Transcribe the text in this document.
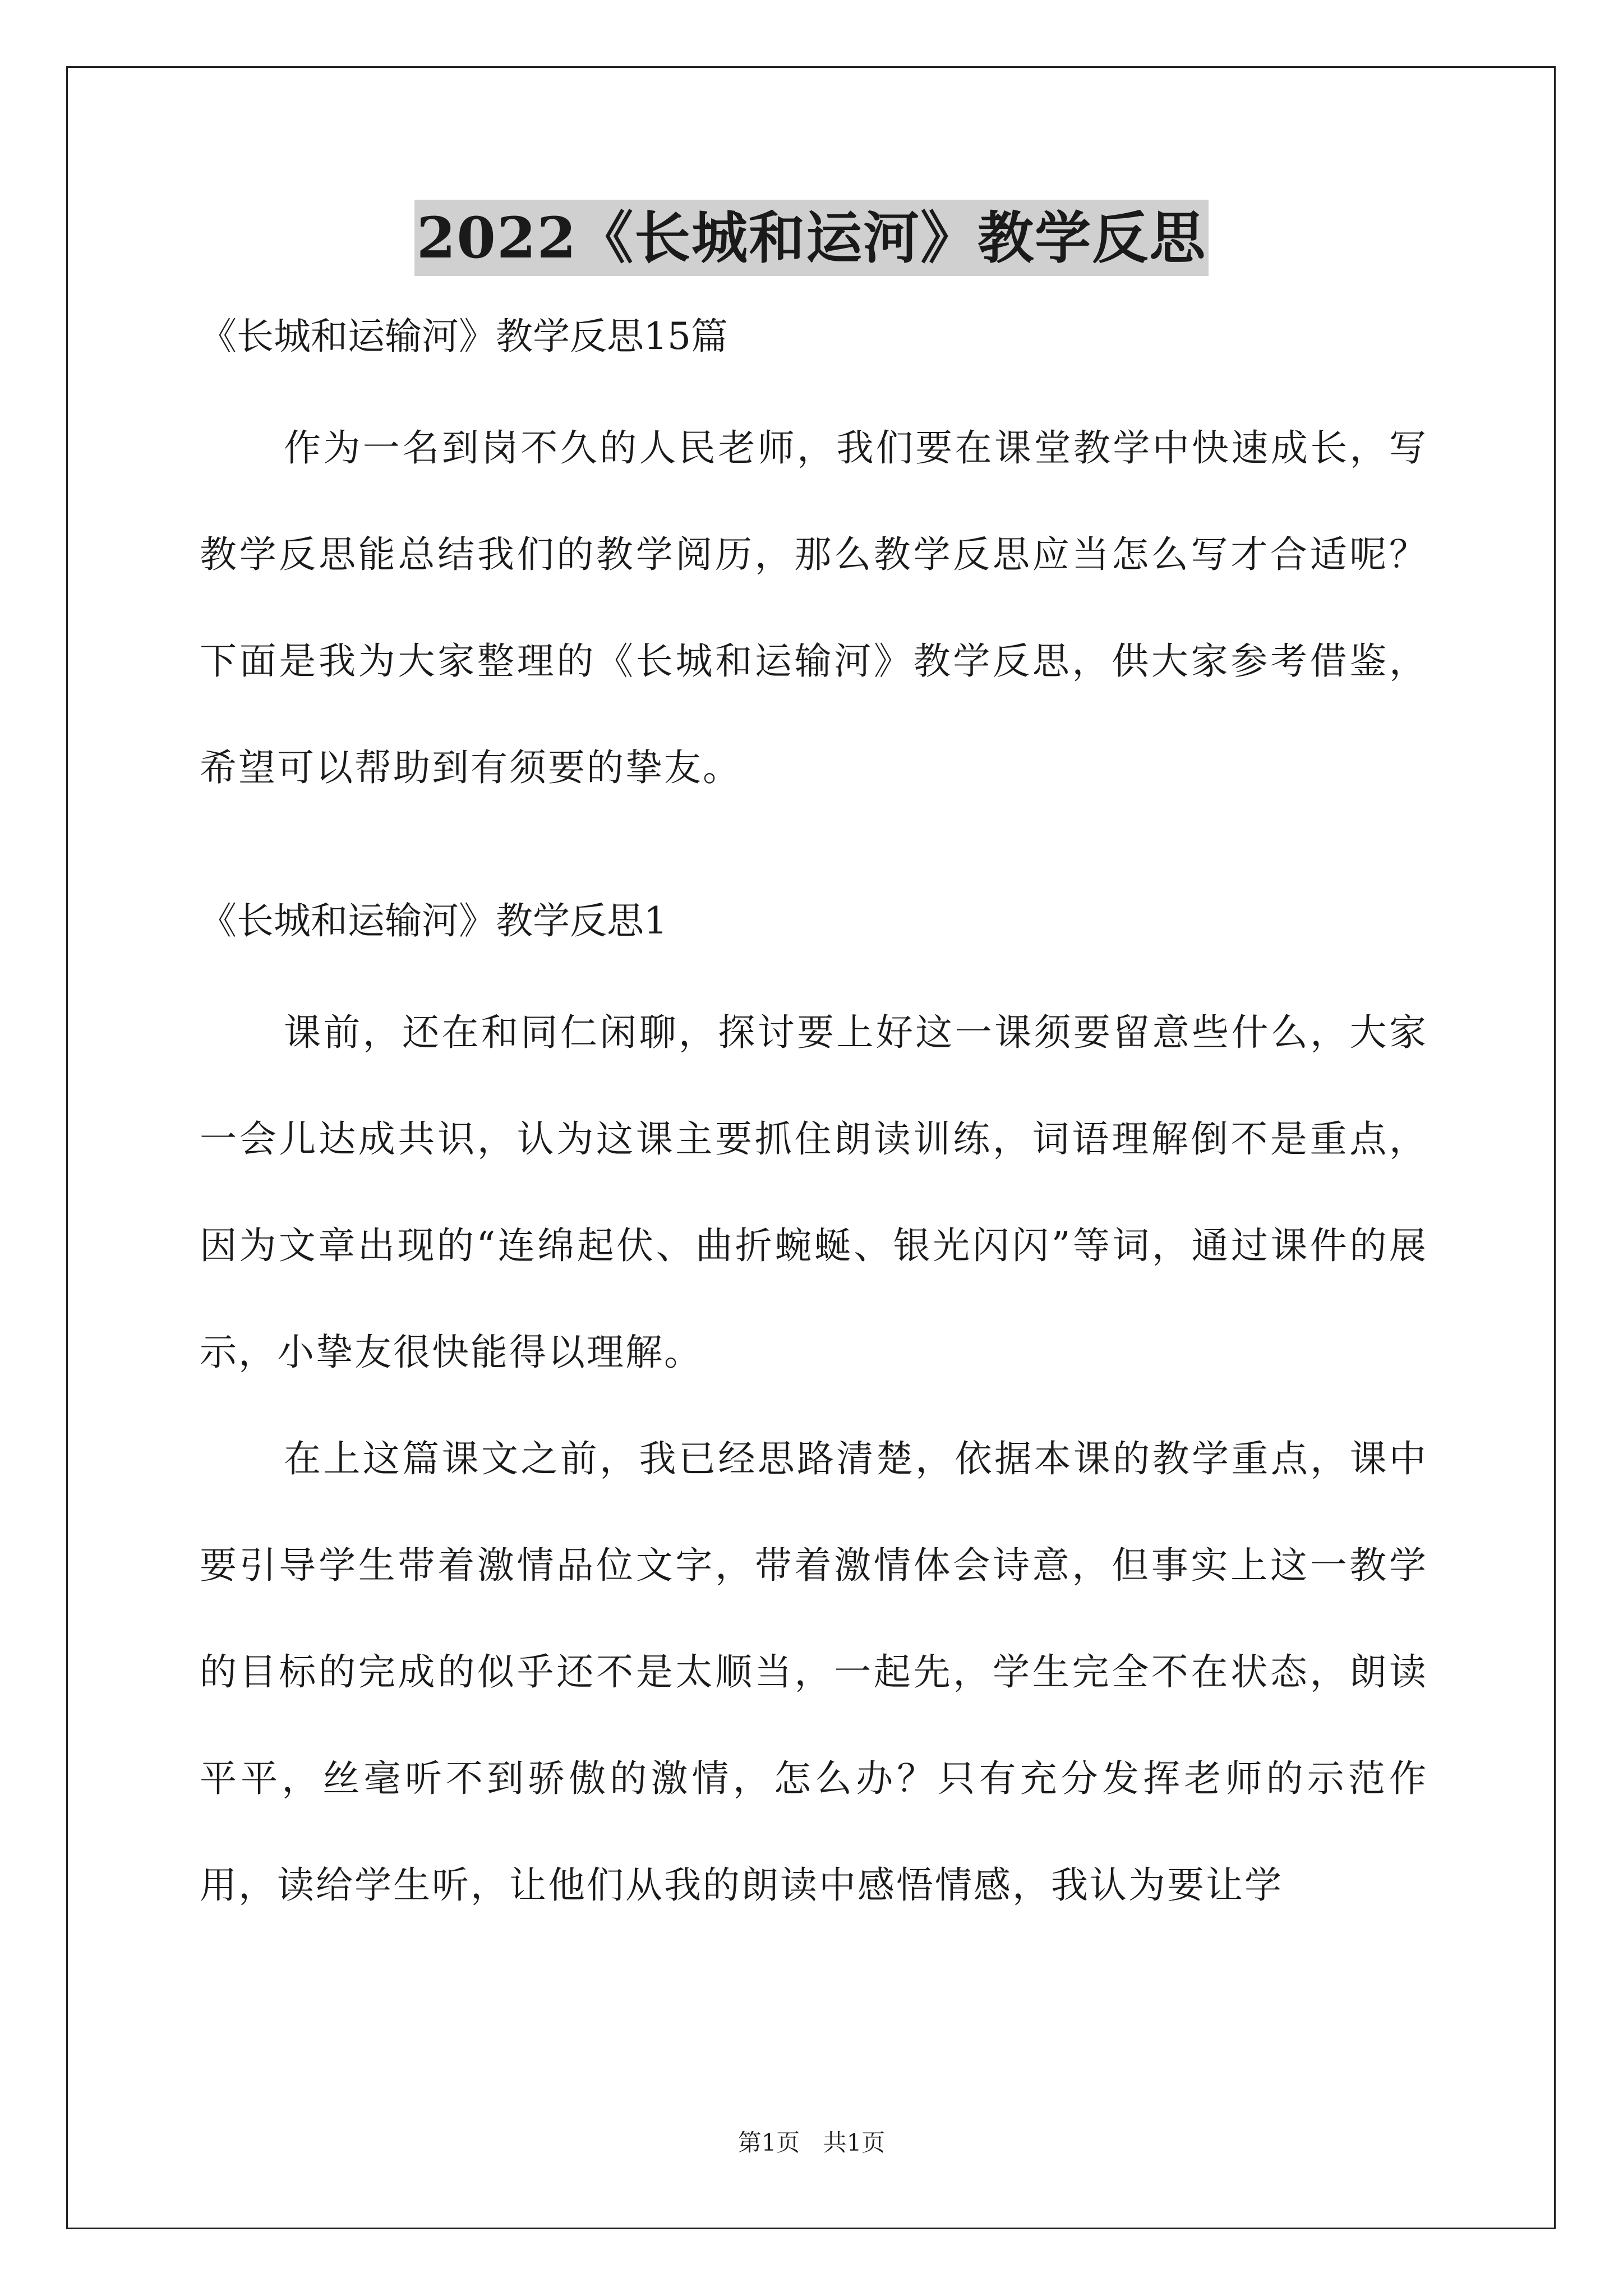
2022《长城和运河》教学反思

《长城和运输河》教学反思15篇

作为一名到岗不久的人民老师，我们要在课堂教学中快速成长，写教学反思能总结我们的教学阅历，那么教学反思应当怎么写才合适呢？下面是我为大家整理的《长城和运输河》教学反思，供大家参考借鉴，希望可以帮助到有须要的挚友。

《长城和运输河》教学反思1

课前，还在和同仁闲聊，探讨要上好这一课须要留意些什么，大家一会儿达成共识，认为这课主要抓住朗读训练，词语理解倒不是重点，因为文章出现的“连绵起伏、曲折蜿蜒、银光闪闪”等词，通过课件的展示，小挚友很快能得以理解。

在上这篇课文之前，我已经思路清楚，依据本课的教学重点，课中要引导学生带着激情品位文字，带着激情体会诗意，但事实上这一教学的目标的完成的似乎还不是太顺当，一起先，学生完全不在状态，朗读平平，丝毫听不到骄傲的激情，怎么办？只有充分发挥老师的示范作用，读给学生听，让他们从我的朗读中感悟情感，我认为要让学

第1页 共1页
